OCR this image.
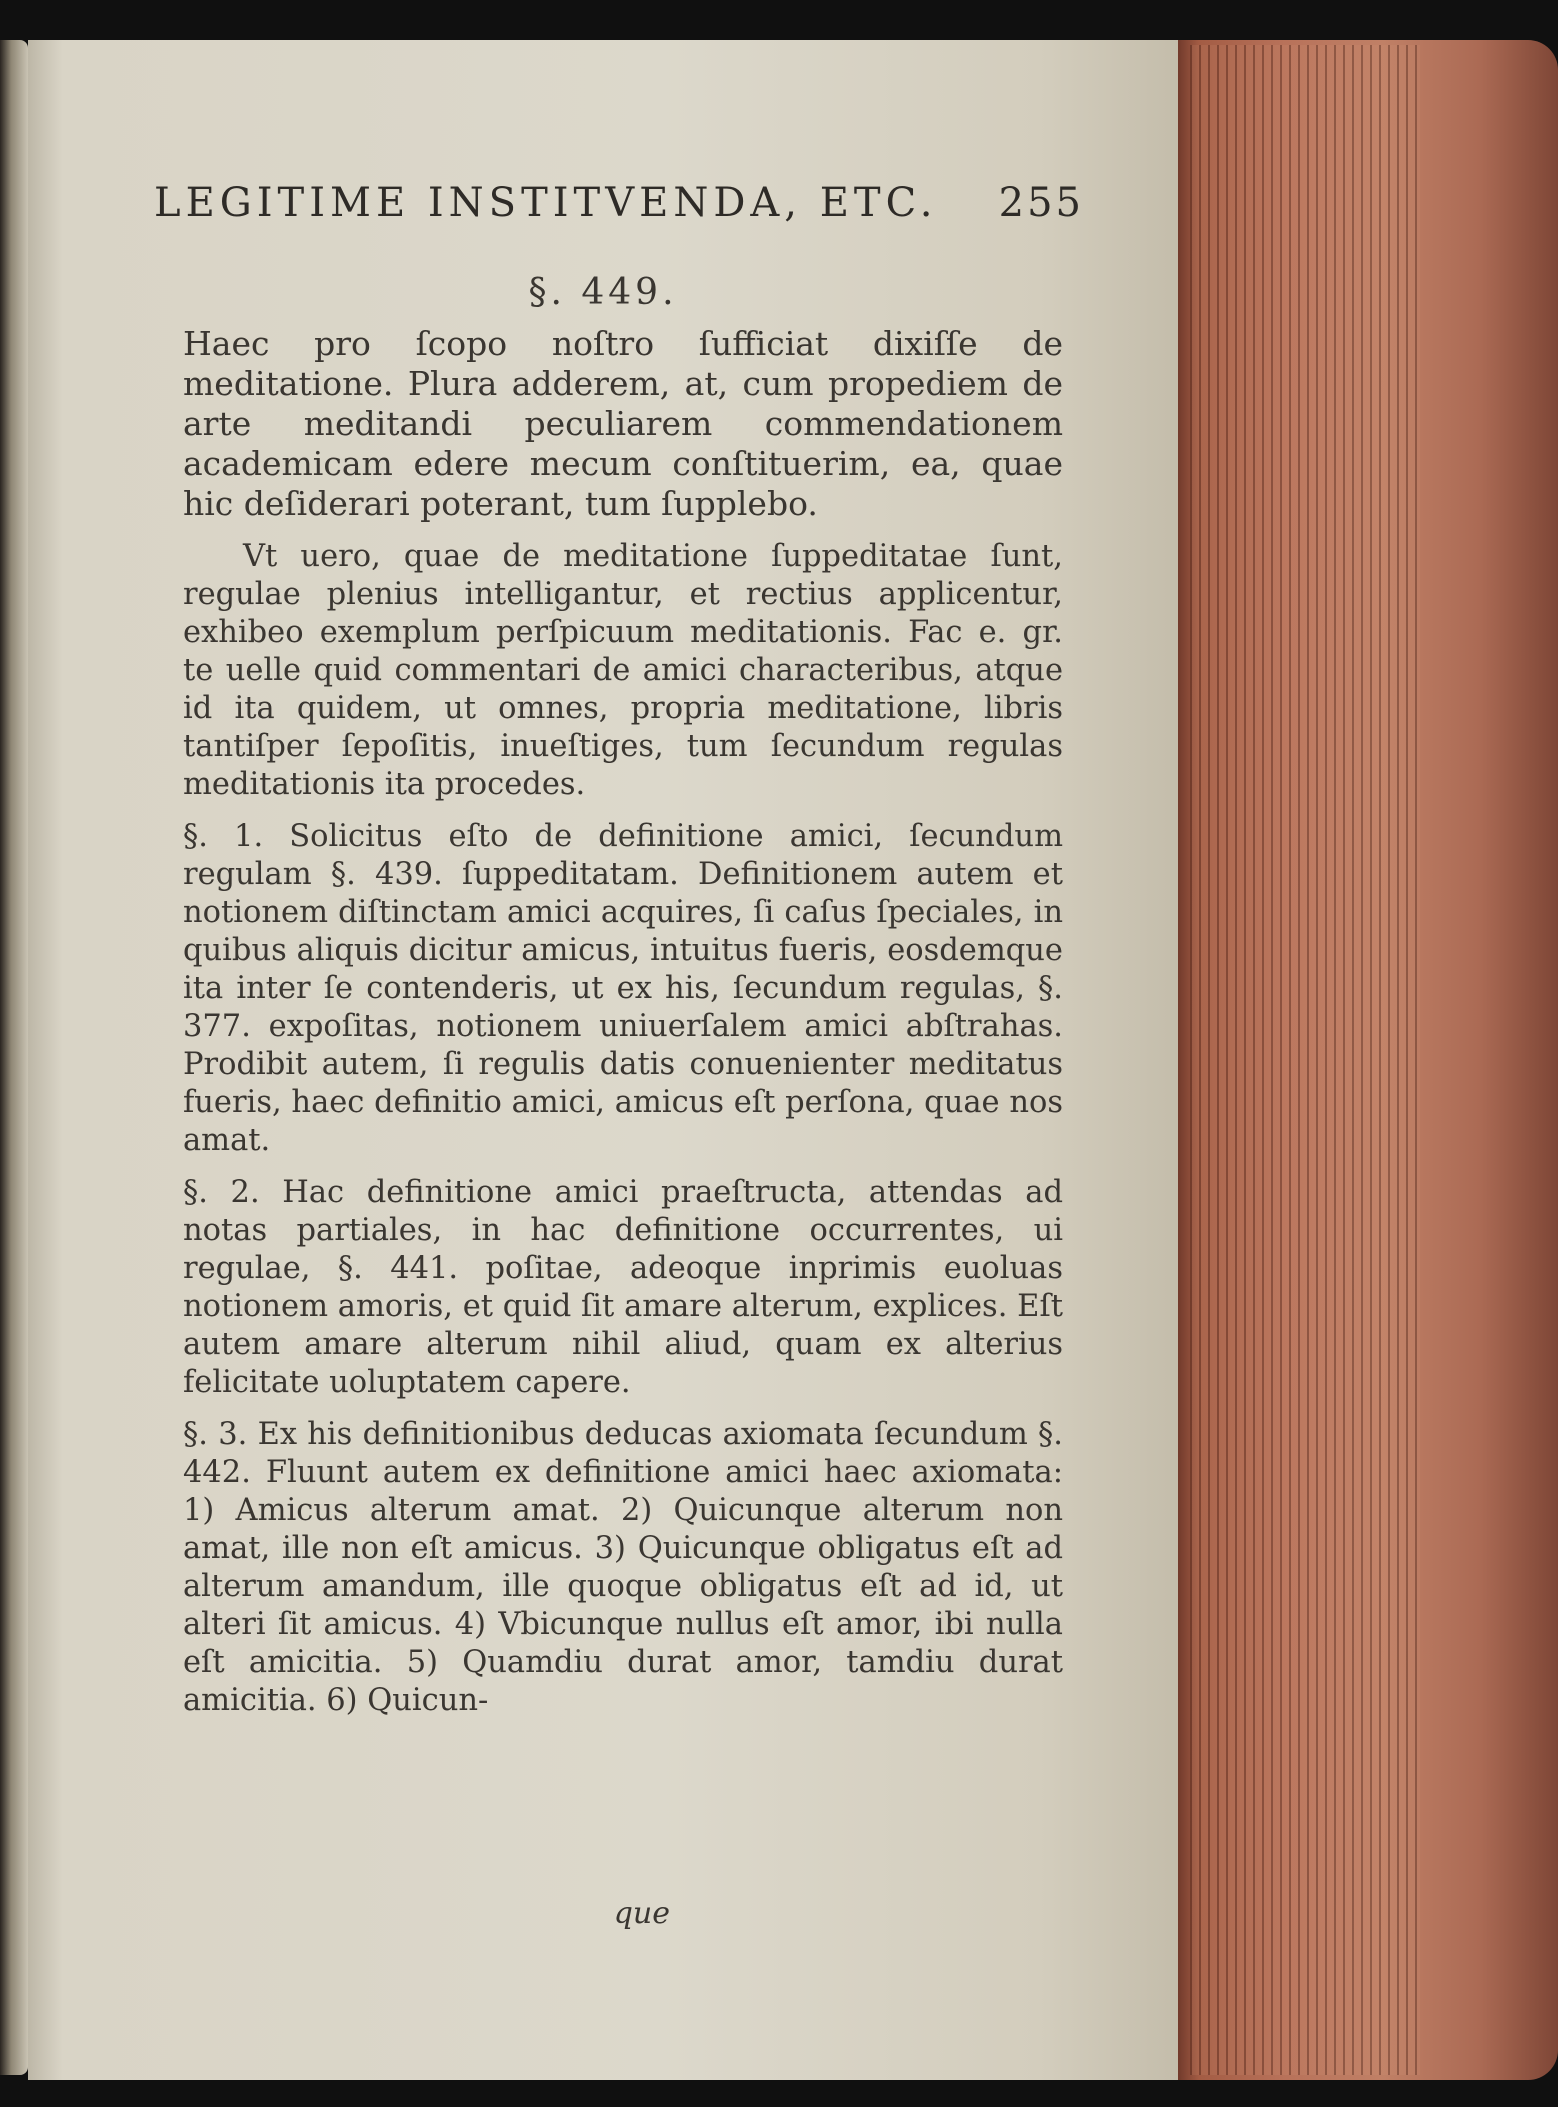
LEGITIME INSTITVENDA, ETC. 255
§. 449.

Haec pro ſcopo noſtro ſufficiat dixiſſe de meditatione. Plura adderem, at, cum propediem de arte meditandi peculiarem commendationem academicam edere mecum conſtituerim, ea, quae hic deſiderari poterant, tum ſupplebo.

Vt uero, quae de meditatione ſuppeditatae ſunt, regulae plenius intelligantur, et rectius applicentur, exhibeo exemplum perſpicuum meditationis. Fac e. gr. te uelle quid commentari de amici characteribus, atque id ita quidem, ut omnes, propria meditatione, libris tantiſper ſepoſitis, inueſtiges, tum ſecundum regulas meditationis ita procedes.

§. 1. Solicitus eſto de definitione amici, ſecundum regulam §. 439. ſuppeditatam. Definitionem autem et notionem diſtinctam amici acquires, ſi caſus ſpeciales, in quibus aliquis dicitur amicus, intuitus fueris, eosdemque ita inter ſe contenderis, ut ex his, ſecundum regulas, §. 377. expoſitas, notionem uniuerſalem amici abſtrahas. Prodibit autem, ſi regulis datis conuenienter meditatus fueris, haec definitio amici, amicus eſt perſona, quae nos amat.

§. 2. Hac definitione amici praeſtructa, attendas ad notas partiales, in hac definitione occurrentes, ui regulae, §. 441. poſitae, adeoque inprimis euoluas notionem amoris, et quid ſit amare alterum, explices. Eſt autem amare alterum nihil aliud, quam ex alterius felicitate uoluptatem capere.

§. 3. Ex his definitionibus deducas axiomata ſecundum §. 442. Fluunt autem ex definitione amici haec axiomata: 1) Amicus alterum amat. 2) Quicunque alterum non amat, ille non eſt amicus. 3) Quicunque obligatus eſt ad alterum amandum, ille quoque obligatus eſt ad id, ut alteri ſit amicus. 4) Vbicunque nullus eſt amor, ibi nulla eſt amicitia. 5) Quamdiu durat amor, tamdiu durat amicitia. 6) Quicun-

que
